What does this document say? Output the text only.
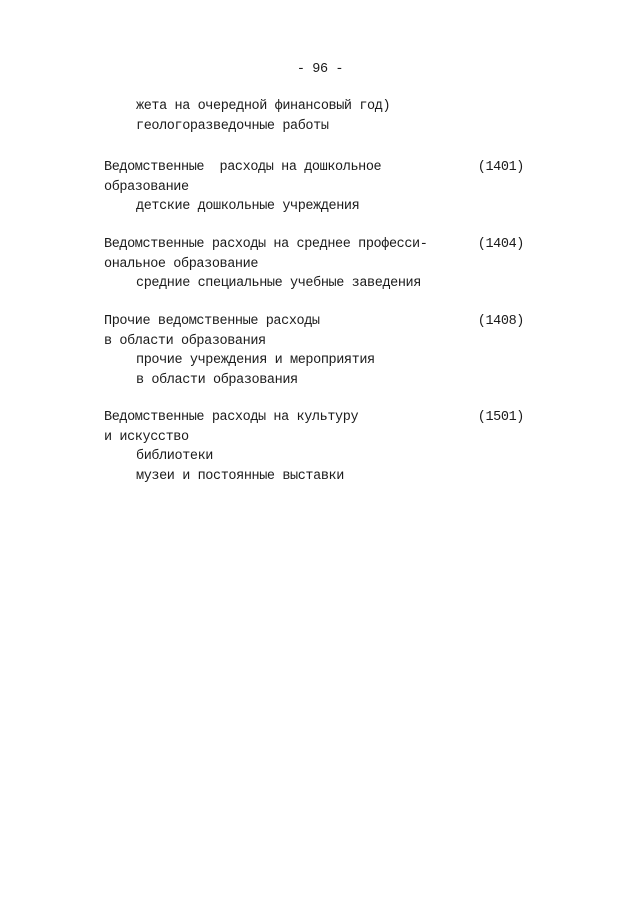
- 96 -
жета на очередной финансовый год)
геологоразведочные работы
(1401)
Ведомственные  расходы на дошкольное
образование
детские дошкольные учреждения
(1404)
Ведомственные расходы на среднее професси-
ональное образование
средние специальные учебные заведения
(1408)
Прочие ведомственные расходы
в области образования
прочие учреждения и мероприятия
в области образования
(1501)
Ведомственные расходы на культуру
и искусство
библиотеки
музеи и постоянные выставки
